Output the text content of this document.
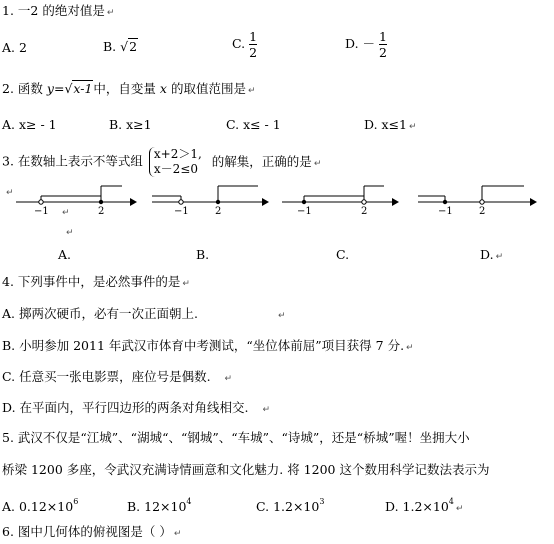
1. 一2 的绝对值是 ↵
A. 2	B. √2	C. $\frac{1}{2}$	D. － $\frac{1}{2}$
2. 函数 y=√x-1中，自变量 x 的取值范围是 ↵
A. x≥ - 1	B. x≥1	C. x≤ - 1	D. x≤1 ↵
3. 在数轴上表示不等式组 x+2＞1,
x－2≤0
的解集，正确的是 ↵
↵
−1	2	−1	2	−1	2	−1	2
↵
↵
A.	B.	C.	D. ↵
4. 下列事件中，是必然事件的是 ↵
A. 掷两次硬币，必有一次正面朝上.	↵
B. 小明参加 2011 年武汉市体育中考测试，“坐位体前屈”项目获得 7 分. ↵
C. 任意买一张电影票，座位号是偶数. ↵
D. 在平面内，平行四边形的两条对角线相交. ↵
5. 武汉不仅是“江城”、“湖城“、“钢城”、“车城”、“诗城”，还是“桥城”喔！坐拥大小
桥梁 1200 多座，令武汉充满诗情画意和文化魅力. 将 1200 这个数用科学记数法表示为
A. $0.12\times 10^6$	B. $12\times 10^4$	C. $1.2\times 10^3$	D. $1.2\times 10^4↵$
6. 图中几何体的俯视图是（ ） ↵
